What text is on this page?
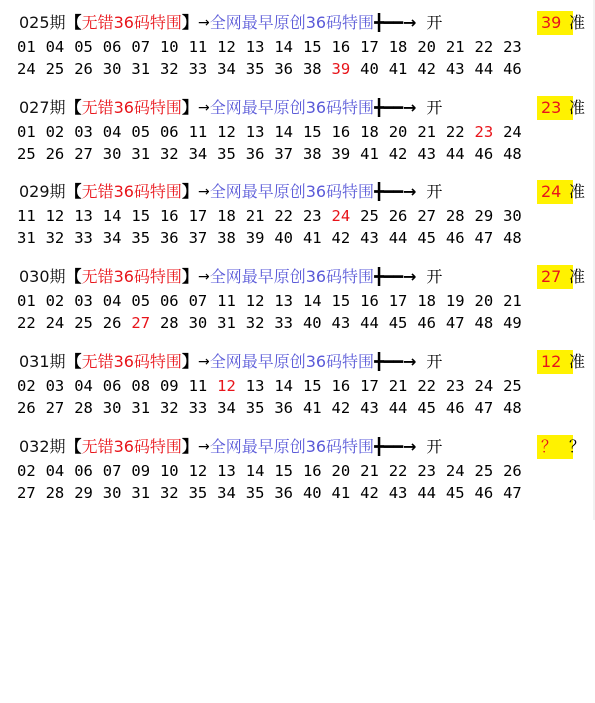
025期【无错36码特围】→全网最早原创36码特围╋━━→ 开	39 准
01 04 05 06 07 10 11 12 13 14 15 16 17 18 20 21 22 23
24 25 26 30 31 32 33 34 35 36 38 39 40 41 42 43 44 46
027期【无错36码特围】→全网最早原创36码特围╋━━→ 开	23 准
01 02 03 04 05 06 11 12 13 14 15 16 18 20 21 22 23 24
25 26 27 30 31 32 34 35 36 37 38 39 41 42 43 44 46 48
029期【无错36码特围】→全网最早原创36码特围╋━━→ 开	24 准
11 12 13 14 15 16 17 18 21 22 23 24 25 26 27 28 29 30
31 32 33 34 35 36 37 38 39 40 41 42 43 44 45 46 47 48
030期【无错36码特围】→全网最早原创36码特围╋━━→ 开	27 准
01 02 03 04 05 06 07 11 12 13 14 15 16 17 18 19 20 21
22 24 25 26 27 28 30 31 32 33 40 43 44 45 46 47 48 49
031期【无错36码特围】→全网最早原创36码特围╋━━→ 开	12 准
02 03 04 06 08 09 11 12 13 14 15 16 17 21 22 23 24 25
26 27 28 30 31 32 33 34 35 36 41 42 43 44 45 46 47 48
032期【无错36码特围】→全网最早原创36码特围╋━━→ 开	？ ？
02 04 06 07 09 10 12 13 14 15 16 20 21 22 23 24 25 26
27 28 29 30 31 32 35 34 35 36 40 41 42 43 44 45 46 47
